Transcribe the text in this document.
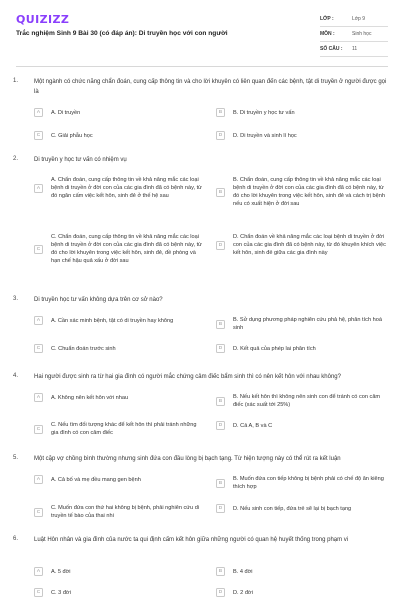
QUIZIZZ
Trắc nghiệm Sinh 9 Bài 30 (có đáp án): Di truyền học với con người
LỚP :	Lớp 9
MÔN :	Sinh học
SỐ CÂU :	11
1.	Một ngành có chức năng chẩn đoán, cung cấp thông tin và cho lời khuyên có liên quan đến các bệnh, tật di truyền ở người được gọi là
A	A. Di truyền	B	B. Di truyền y học tư vấn
C	C. Giải phẫu học	D	D. Di truyền và sinh lí học
2.	Di truyền y học tư vấn có nhiệm vụ
A
A. Chẩn đoán, cung cấp thông tin về khả năng mắc các loại bệnh di truyền ở đời con của các gia đình đã có bệnh này, từ đó ngăn cấm việc kết hôn, sinh đẻ ở thế hệ sau
B
B. Chẩn đoán, cung cấp thông tin về khả năng mắc các loại bệnh di truyền ở đời con của các gia đình đã có bệnh này, từ đó cho lời khuyên trong việc kết hôn, sinh đẻ và cách trị bệnh nếu có xuất hiện ở đời sau
C
C. Chẩn đoán, cung cấp thông tin về khả năng mắc các loại bệnh di truyền ở đời con của các gia đình đã có bệnh này, từ đó cho lời khuyên trong việc kết hôn, sinh đẻ, đề phòng và hạn chế hậu quả xấu ở đời sau
D
D. Chẩn đoán về khả năng mắc các loại bệnh di truyền ở đời con của các gia đình đã có bệnh này, từ đó khuyên khích việc kết hôn, sinh đẻ giữa các gia đình này
3.	Di truyền học tư vấn không dựa trên cơ sở nào?
A	A. Cần xác minh bệnh, tật có di truyền hay không
B
B. Sử dụng phương pháp nghiên cứu phả hệ, phân tích hoá sinh
C	C. Chuẩn đoán trước sinh	D	D. Kết quả của phép lai phân tích
4.	Hai người được sinh ra từ hai gia đình có người mắc chứng câm điếc bẩm sinh thì có nên kết hôn với nhau không?
A	A. Không nên kết hôn với nhau
B
B. Nếu kết hôn thì không nên sinh con để tránh có con câm điếc (xác suất tới 25%)
C
C. Nếu tìm đối tượng khác để kết hôn thì phải tránh những gia đình có con câm điếc
D	D. Cả A, B và C
5.	Một cặp vợ chồng bình thường nhưng sinh đứa con đầu lòng bị bạch tạng. Từ hiện tượng này có thể rút ra kết luận
A	A. Cả bố và mẹ đều mang gen bệnh
B
B. Muốn đứa con tiếp không bị bệnh phải có chế độ ăn kiêng thích hợp
C
C. Muốn đứa con thứ hai không bị bệnh, phải nghiên cứu di truyền tế bào của thai nhi
D	D. Nếu sinh con tiếp, đứa trẻ sẽ lại bị bạch tạng
6.	Luật Hôn nhân và gia đình của nước ta qui định cấm kết hôn giữa những người có quan hệ huyết thống trong phạm vi
A	A. 5 đời	B	B. 4 đời
C	C. 3 đời	D	D. 2 đời
